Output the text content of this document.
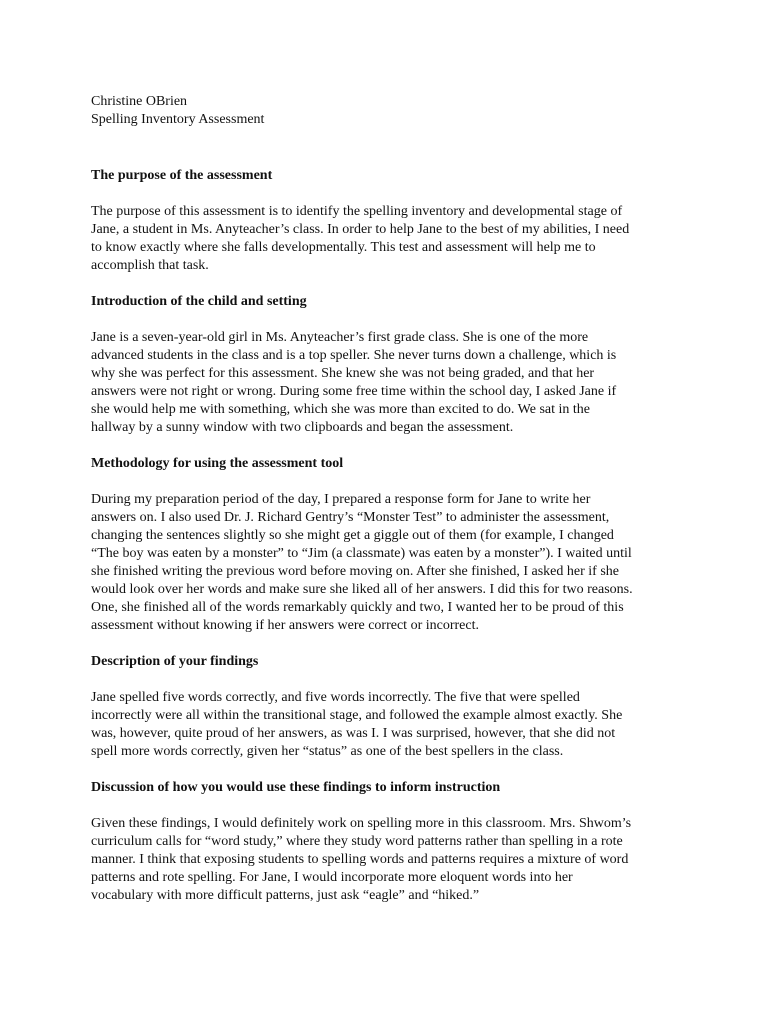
Christine OBrien

Spelling Inventory Assessment

The purpose of the assessment

The purpose of this assessment is to identify the spelling inventory and developmental stage of
Jane, a student in Ms. Anyteacher’s class. In order to help Jane to the best of my abilities, I need
to know exactly where she falls developmentally. This test and assessment will help me to
accomplish that task.

Introduction of the child and setting

Jane is a seven-year-old girl in Ms. Anyteacher’s first grade class. She is one of the more
advanced students in the class and is a top speller. She never turns down a challenge, which is
why she was perfect for this assessment. She knew she was not being graded, and that her
answers were not right or wrong. During some free time within the school day, I asked Jane if
she would help me with something, which she was more than excited to do. We sat in the
hallway by a sunny window with two clipboards and began the assessment.

Methodology for using the assessment tool

During my preparation period of the day, I prepared a response form for Jane to write her
answers on. I also used Dr. J. Richard Gentry’s “Monster Test” to administer the assessment,
changing the sentences slightly so she might get a giggle out of them (for example, I changed
“The boy was eaten by a monster” to “Jim (a classmate) was eaten by a monster”). I waited until
she finished writing the previous word before moving on. After she finished, I asked her if she
would look over her words and make sure she liked all of her answers. I did this for two reasons.
One, she finished all of the words remarkably quickly and two, I wanted her to be proud of this
assessment without knowing if her answers were correct or incorrect.

Description of your findings

Jane spelled five words correctly, and five words incorrectly. The five that were spelled
incorrectly were all within the transitional stage, and followed the example almost exactly. She
was, however, quite proud of her answers, as was I. I was surprised, however, that she did not
spell more words correctly, given her “status” as one of the best spellers in the class.

Discussion of how you would use these findings to inform instruction

Given these findings, I would definitely work on spelling more in this classroom. Mrs. Shwom’s
curriculum calls for “word study,” where they study word patterns rather than spelling in a rote
manner. I think that exposing students to spelling words and patterns requires a mixture of word
patterns and rote spelling. For Jane, I would incorporate more eloquent words into her
vocabulary with more difficult patterns, just ask “eagle” and “hiked.”
